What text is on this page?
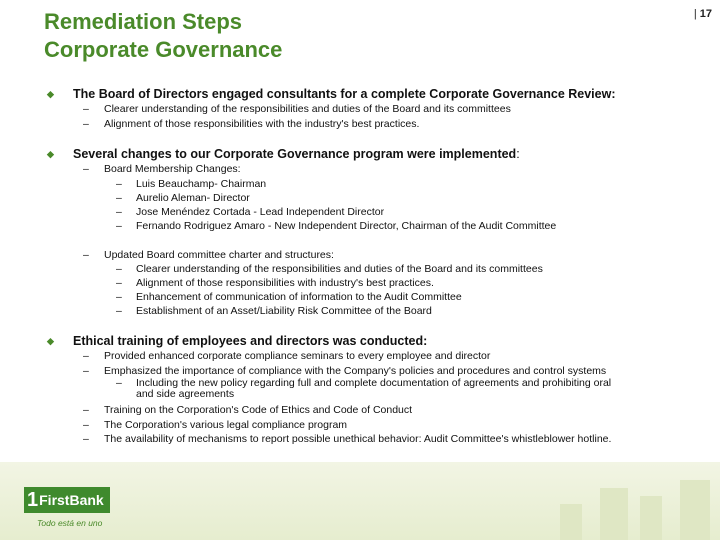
Remediation Steps
Corporate Governance
| 17
◆ The Board of Directors engaged consultants for a complete Corporate Governance Review:
– Clearer understanding of the responsibilities and duties of the Board and its committees
– Alignment of those responsibilities with the industry's best practices.
◆ Several changes to our Corporate Governance program were implemented:
– Board Membership Changes:
– Luis Beauchamp- Chairman
– Aurelio Aleman- Director
– Jose Menéndez Cortada - Lead Independent Director
– Fernando Rodriguez Amaro - New Independent Director, Chairman of the Audit Committee
– Updated Board committee charter and structures:
– Clearer understanding of the responsibilities and duties of the Board and its committees
– Alignment of those responsibilities with industry's best practices.
– Enhancement of communication of information to the Audit Committee
– Establishment of an Asset/Liability Risk Committee of the Board
◆ Ethical training of employees and directors was conducted:
– Provided enhanced corporate compliance seminars to every employee and director
– Emphasized the importance of compliance with the Company's policies and procedures and control systems
– Including the new policy regarding full and complete documentation of agreements and prohibiting oral
and side agreements
– Training on the Corporation's Code of Ethics and Code of Conduct
– The Corporation's various legal compliance program
– The availability of mechanisms to report possible unethical behavior: Audit Committee's whistleblower hotline.
1 FirstBank
Todo está en uno
